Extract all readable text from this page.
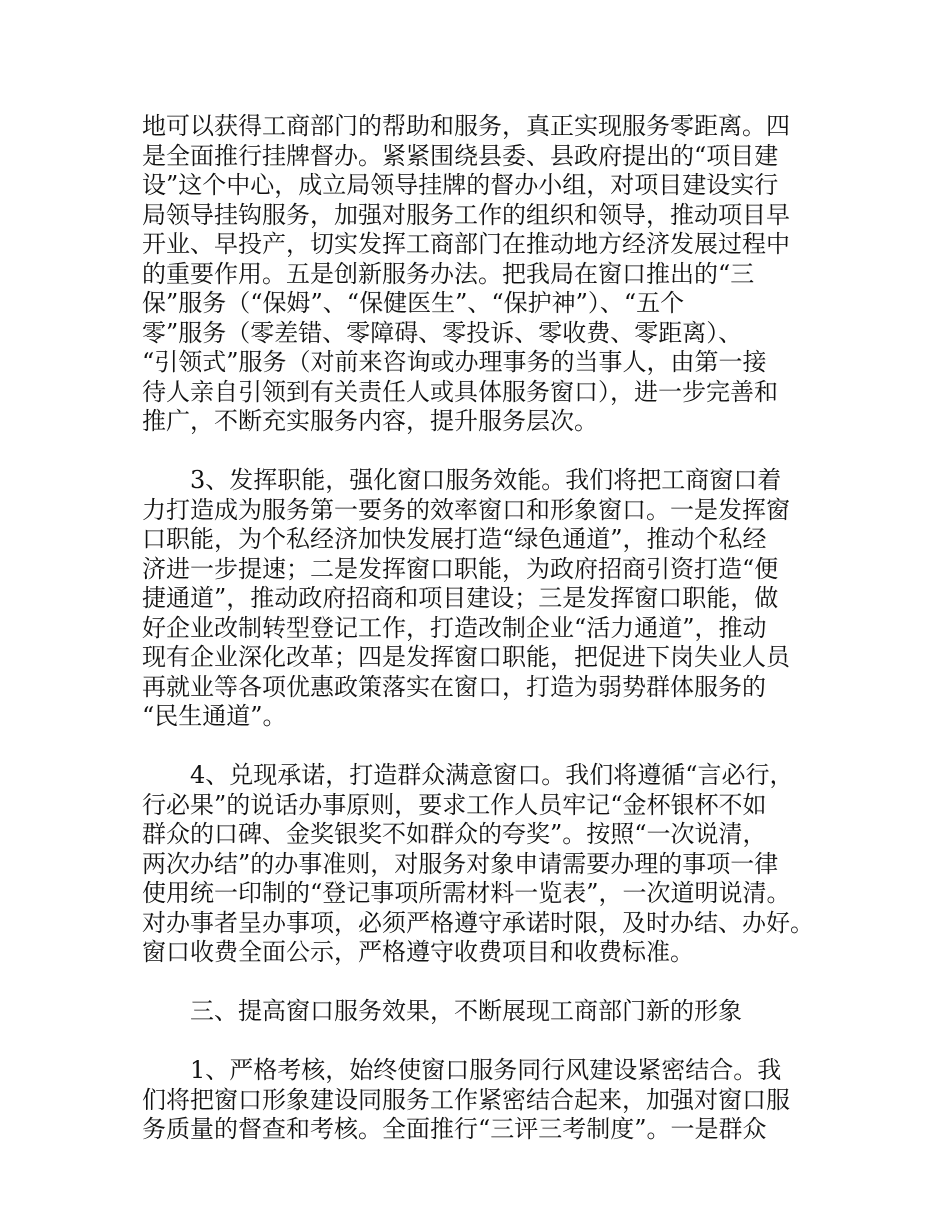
地可以获得工商部门的帮助和服务，真正实现服务零距离。四
是全面推行挂牌督办。紧紧围绕县委、县政府提出的“项目建
设”这个中心，成立局领导挂牌的督办小组，对项目建设实行
局领导挂钩服务，加强对服务工作的组织和领导，推动项目早
开业、早投产，切实发挥工商部门在推动地方经济发展过程中
的重要作用。五是创新服务办法。把我局在窗口推出的“三
保”服务（“保姆”、“保健医生”、“保护神”）、“五个
零”服务（零差错、零障碍、零投诉、零收费、零距离）、
“引领式”服务（对前来咨询或办理事务的当事人，由第一接
待人亲自引领到有关责任人或具体服务窗口），进一步完善和
推广，不断充实服务内容，提升服务层次。
3、发挥职能，强化窗口服务效能。我们将把工商窗口着
力打造成为服务第一要务的效率窗口和形象窗口。一是发挥窗
口职能，为个私经济加快发展打造“绿色通道”，推动个私经
济进一步提速；二是发挥窗口职能，为政府招商引资打造“便
捷通道”，推动政府招商和项目建设；三是发挥窗口职能，做
好企业改制转型登记工作，打造改制企业“活力通道”，推动
现有企业深化改革；四是发挥窗口职能，把促进下岗失业人员
再就业等各项优惠政策落实在窗口，打造为弱势群体服务的
“民生通道”。
4、兑现承诺，打造群众满意窗口。我们将遵循“言必行，
行必果”的说话办事原则，要求工作人员牢记“金杯银杯不如
群众的口碑、金奖银奖不如群众的夸奖”。按照“一次说清，
两次办结”的办事准则，对服务对象申请需要办理的事项一律
使用统一印制的“登记事项所需材料一览表”，一次道明说清。
对办事者呈办事项，必须严格遵守承诺时限，及时办结、办好。
窗口收费全面公示，严格遵守收费项目和收费标准。
三、提高窗口服务效果，不断展现工商部门新的形象
1、严格考核，始终使窗口服务同行风建设紧密结合。我
们将把窗口形象建设同服务工作紧密结合起来，加强对窗口服
务质量的督查和考核。全面推行“三评三考制度”。一是群众
